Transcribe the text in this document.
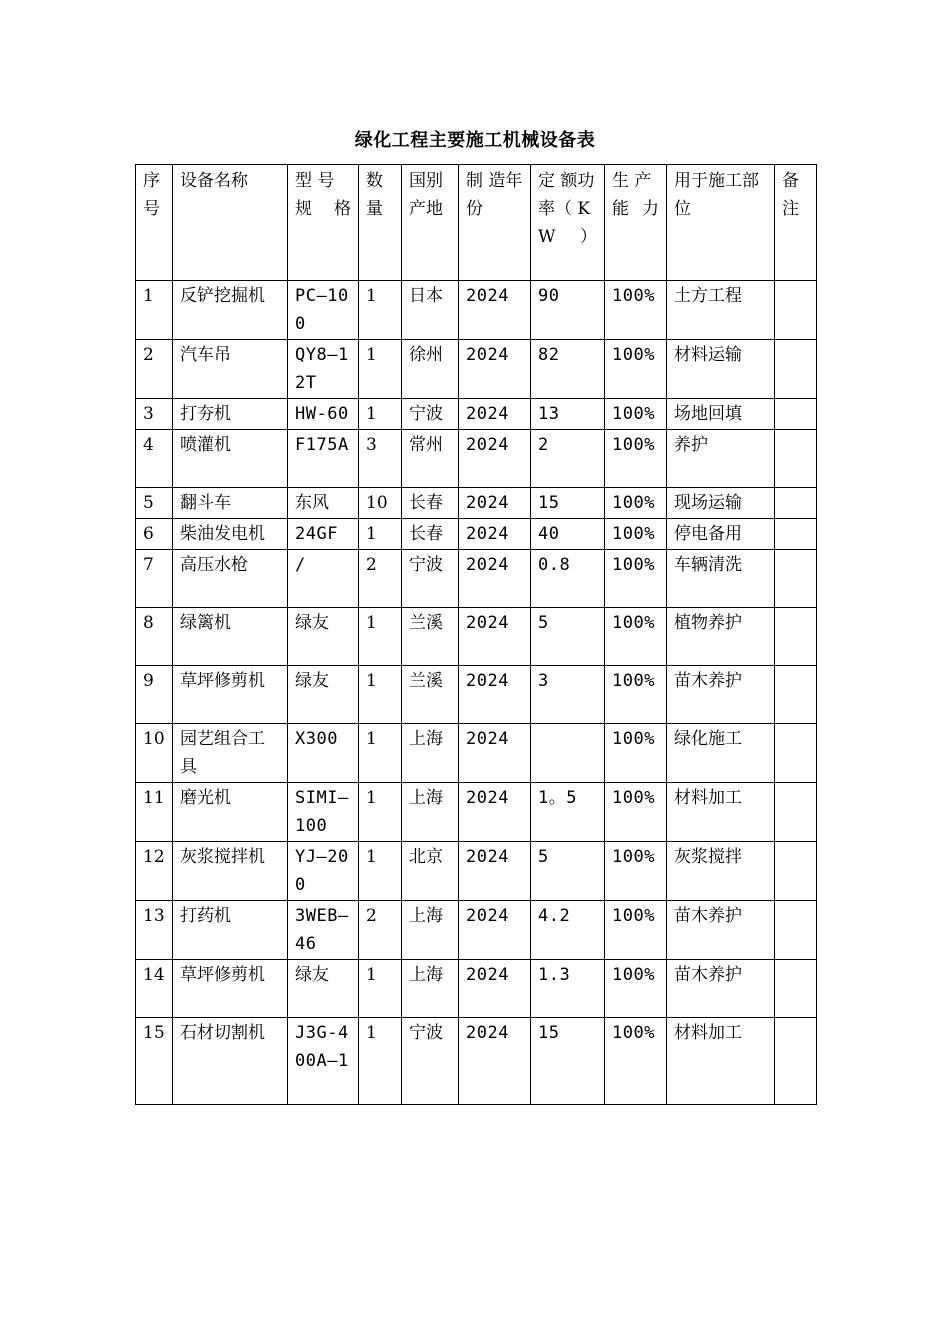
绿化工程主要施工机械设备表
序号	设备名称	型 号规格	数量	国别产地	制 造年份	定 额功 率（ KW）	生 产能力	用于施工部位	备注
1	反铲挖掘机	PC—100	1	日本	2024	90	100%	土方工程	
2	汽车吊	QY8—12T	1	徐州	2024	82	100%	材料运输	
3	打夯机	HW-60	1	宁波	2024	13	100%	场地回填	
4	喷灌机	F175A	3	常州	2024	2	100%	养护	
5	翻斗车	东风	10	长春	2024	15	100%	现场运输	
6	柴油发电机	24GF	1	长春	2024	40	100%	停电备用	
7	高压水枪	/	2	宁波	2024	0.8	100%	车辆清洗	
8	绿篱机	绿友	1	兰溪	2024	5	100%	植物养护	
9	草坪修剪机	绿友	1	兰溪	2024	3	100%	苗木养护	
10	园艺组合工具	X300	1	上海	2024		100%	绿化施工	
11	磨光机	SIMI—100	1	上海	2024	1。5	100%	材料加工	
12	灰浆搅拌机	YJ—200	1	北京	2024	5	100%	灰浆搅拌	
13	打药机	3WEB—46	2	上海	2024	4.2	100%	苗木养护	
14	草坪修剪机	绿友	1	上海	2024	1.3	100%	苗木养护	
15	石材切割机	J3G-400A—1	1	宁波	2024	15	100%	材料加工	
